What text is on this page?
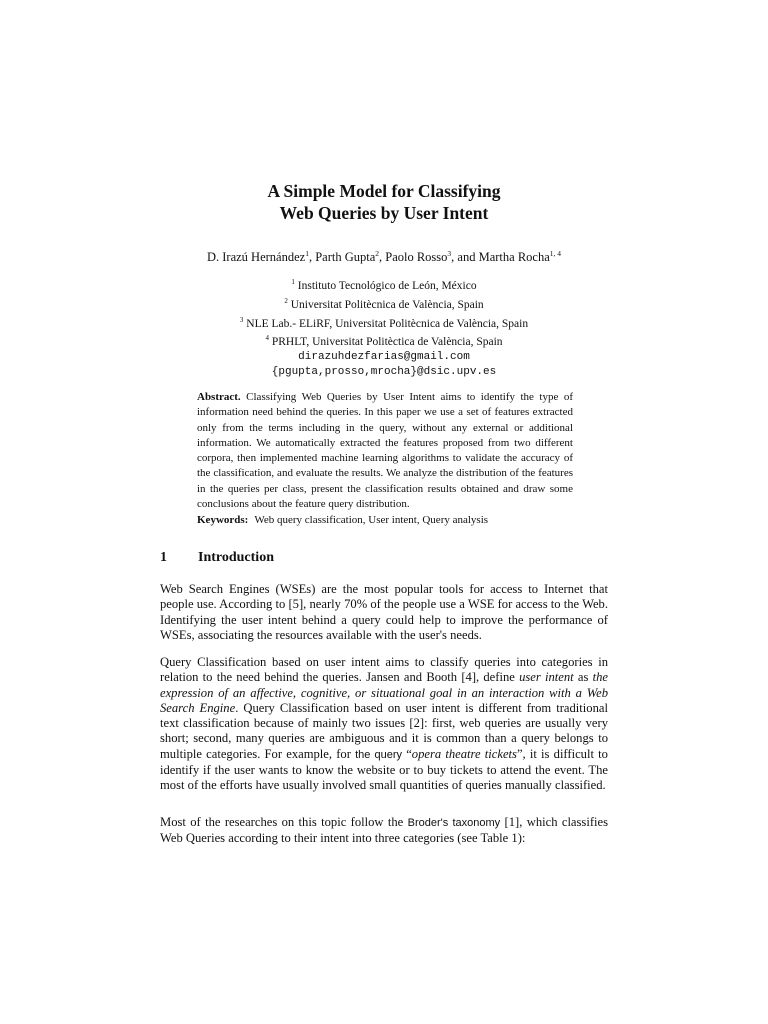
A Simple Model for Classifying
Web Queries by User Intent
D. Irazú Hernández$^1$, Parth Gupta$^2$, Paolo Rosso$^3$, and Martha Rocha$^{1, 4}$
$^1$ Instituto Tecnológico de León, México
$^2$ Universitat Politècnica de València, Spain
$^3$ NLE Lab.- ELiRF, Universitat Politècnica de València, Spain
$^4$ PRHLT, Universitat Politèctica de València, Spain
dirazuhdezfarias@gmail.com
{pgupta,prosso,mrocha}@dsic.upv.es
Abstract. Classifying Web Queries by User Intent aims to identify the type of information need behind the queries. In this paper we use a set of features extracted only from the terms including in the query, without any external or additional information. We automatically extracted the features proposed from two different corpora, then implemented machine learning algorithms to validate the accuracy of the classification, and evaluate the results. We analyze the distribution of the features in the queries per class, present the classification results obtained and draw some conclusions about the feature query distribution.
Keywords: Web query classification, User intent, Query analysis
1 Introduction
Web Search Engines (WSEs) are the most popular tools for access to Internet that people use. According to [5], nearly 70% of the people use a WSE for access to the Web. Identifying the user intent behind a query could help to improve the performance of WSEs, associating the resources available with the user's needs.
Query Classification based on user intent aims to classify queries into categories in relation to the need behind the queries. Jansen and Booth [4], define user intent as the expression of an affective, cognitive, or situational goal in an interaction with a Web Search Engine. Query Classification based on user intent is different from traditional text classification because of mainly two issues [2]: first, web queries are usually very short; second, many queries are ambiguous and it is common than a query belongs to multiple categories. For example, for the query “opera theatre tickets”, it is difficult to identify if the user wants to know the website or to buy tickets to attend the event. The most of the efforts have usually involved small quantities of queries manually classified.
Most of the researches on this topic follow the Broder's taxonomy [1], which classifies Web Queries according to their intent into three categories (see Table 1):
